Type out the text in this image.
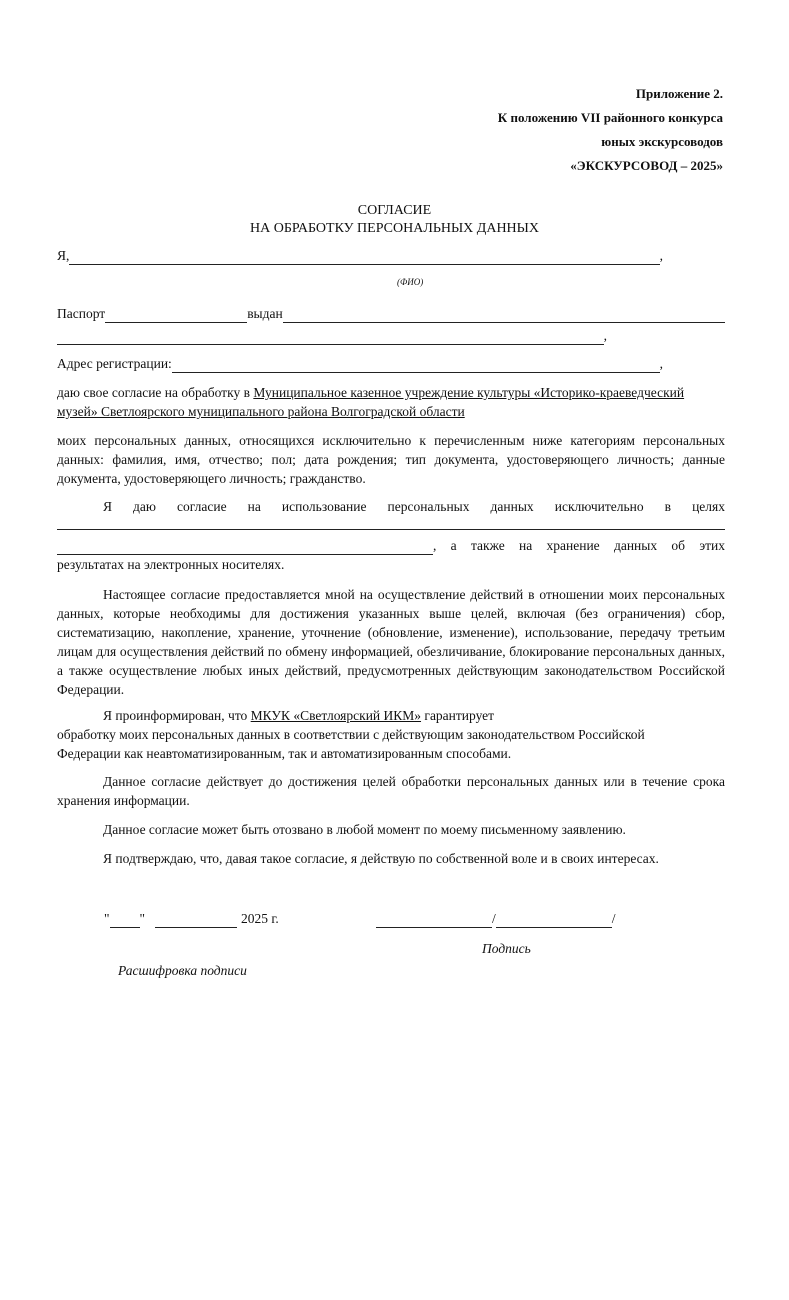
Приложение 2.
К положению VII районного конкурса
юных экскурсоводов
«ЭКСКУРСОВОД – 2025»
СОГЛАСИЕ
НА ОБРАБОТКУ ПЕРСОНАЛЬНЫХ ДАННЫХ
Я,	,
(ФИО)
Паспорт	выдан
,
Адрес регистрации:	,
даю свое согласие на обработку в Муниципальное казенное учреждение культуры «Историко-краеведческий
музей» Светлоярского муниципального района Волгоградской области
моих персональных данных, относящихся исключительно к перечисленным ниже категориям персональных данных: фамилия, имя, отчество; пол; дата рождения; тип документа, удостоверяющего личность; данные документа, удостоверяющего личность; гражданство.
Я даю согласие на использование персональных данных исключительно в целях
, а также на хранение данных об этих
результатах на электронных носителях.
Настоящее согласие предоставляется мной на осуществление действий в отношении моих персональных данных, которые необходимы для достижения указанных выше целей, включая (без ограничения) сбор, систематизацию, накопление, хранение, уточнение (обновление, изменение), использование, передачу третьим лицам для осуществления действий по обмену информацией, обезличивание, блокирование персональных данных, а также осуществление любых иных действий, предусмотренных действующим законодательством Российской Федерации.
Я проинформирован, что МКУК «Светлоярский ИКМ» гарантирует
обработку моих персональных данных в соответствии с действующим законодательством Российской
Федерации как неавтоматизированным, так и автоматизированным способами.
Данное согласие действует до достижения целей обработки персональных данных или в течение срока хранения информации.
Данное согласие может быть отозвано в любой момент по моему письменному заявлению.
Я подтверждаю, что, давая такое согласие, я действую по собственной воле и в своих интересах.
" "	2025 г.	/	/
Подпись
Расшифровка подписи
